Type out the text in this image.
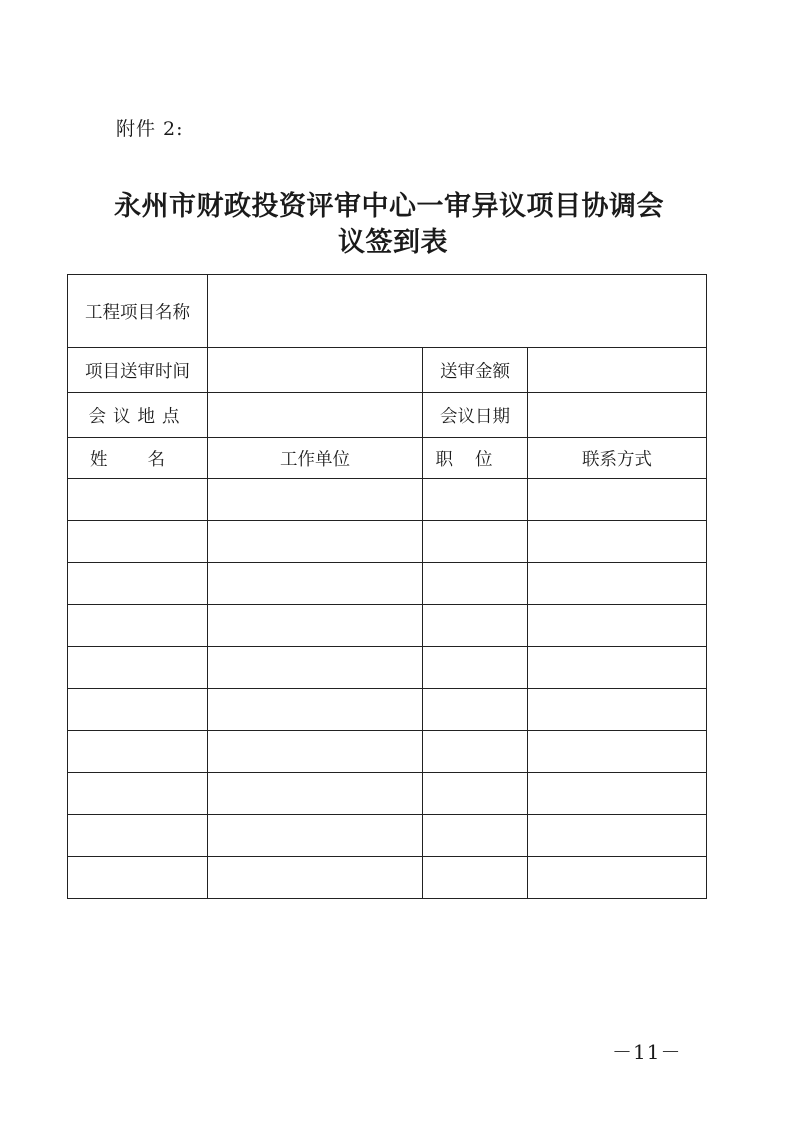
附件 2:
永州市财政投资评审中心一审异议项目协调会
议签到表
工程项目名称			
项目送审时间		送审金额	
会议地点		会议日期	
姓名	工作单位	职位	联系方式

－11－
